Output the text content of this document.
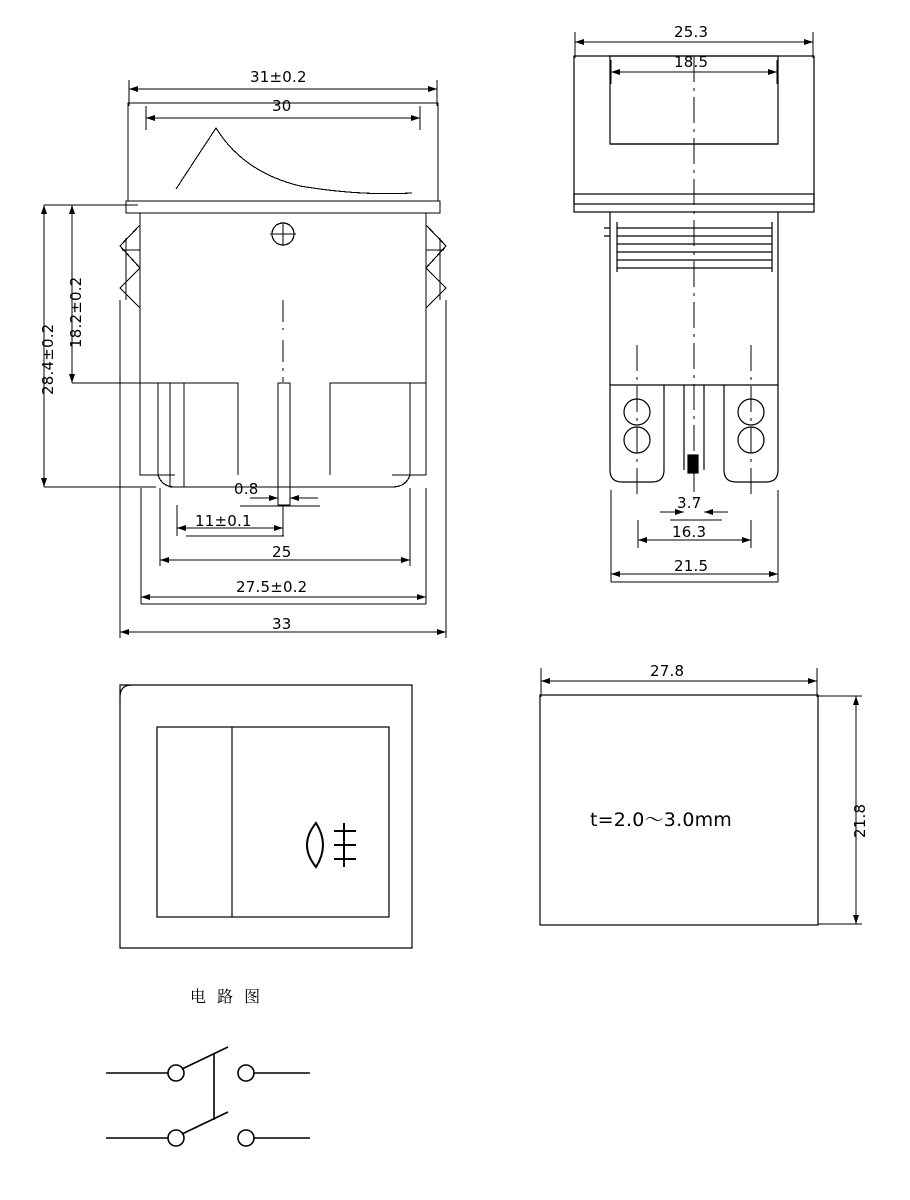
31±0.2
30
28.4±0.2
18.2±0.2
0.8
11±0.1
25
27.5±0.2
33
25.3
18.5
3.7
16.3
21.5
27.8
21.8
t=2.0～3.0mm
电 路 图
